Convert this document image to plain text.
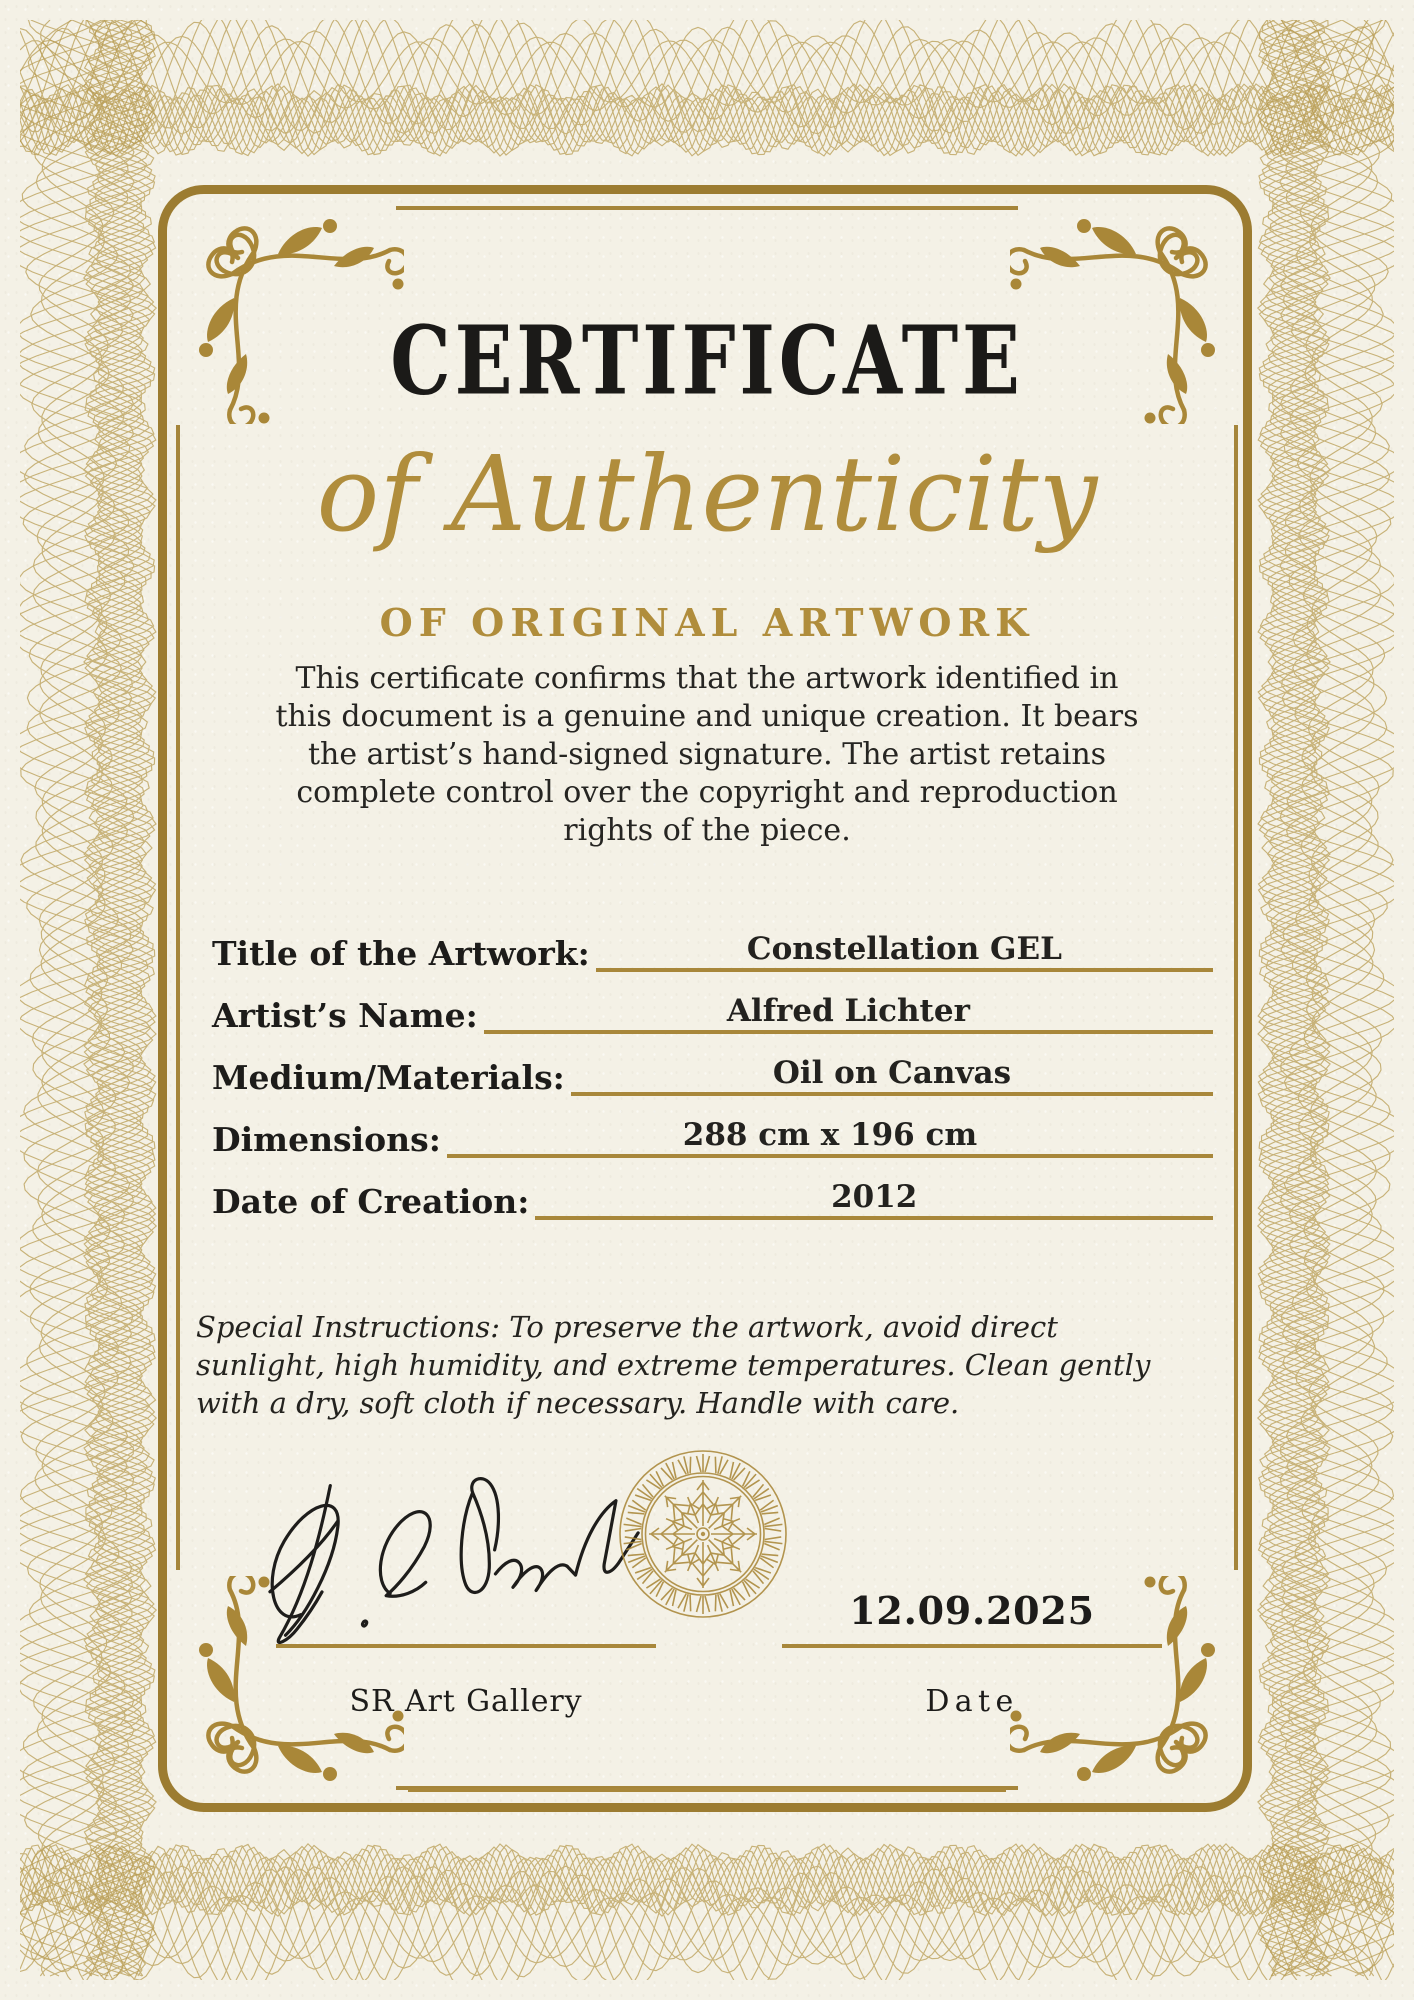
CERTIFICATE
of Authenticity
OF ORIGINAL ARTWORK
This certificate confirms that the artwork identified in
this document is a genuine and unique creation. It bears
the artist’s hand-signed signature. The artist retains
complete control over the copyright and reproduction
rights of the piece.
Title of the Artwork:	Constellation GEL
Artist’s Name:	Alfred Lichter
Medium/Materials:	Oil on Canvas
Dimensions:	288 cm x 196 cm
Date of Creation:	2012
Special Instructions: To preserve the artwork, avoid direct
sunlight, high humidity, and extreme temperatures. Clean gently
with a dry, soft cloth if necessary. Handle with care.
12.09.2025
SR Art Gallery	Date
